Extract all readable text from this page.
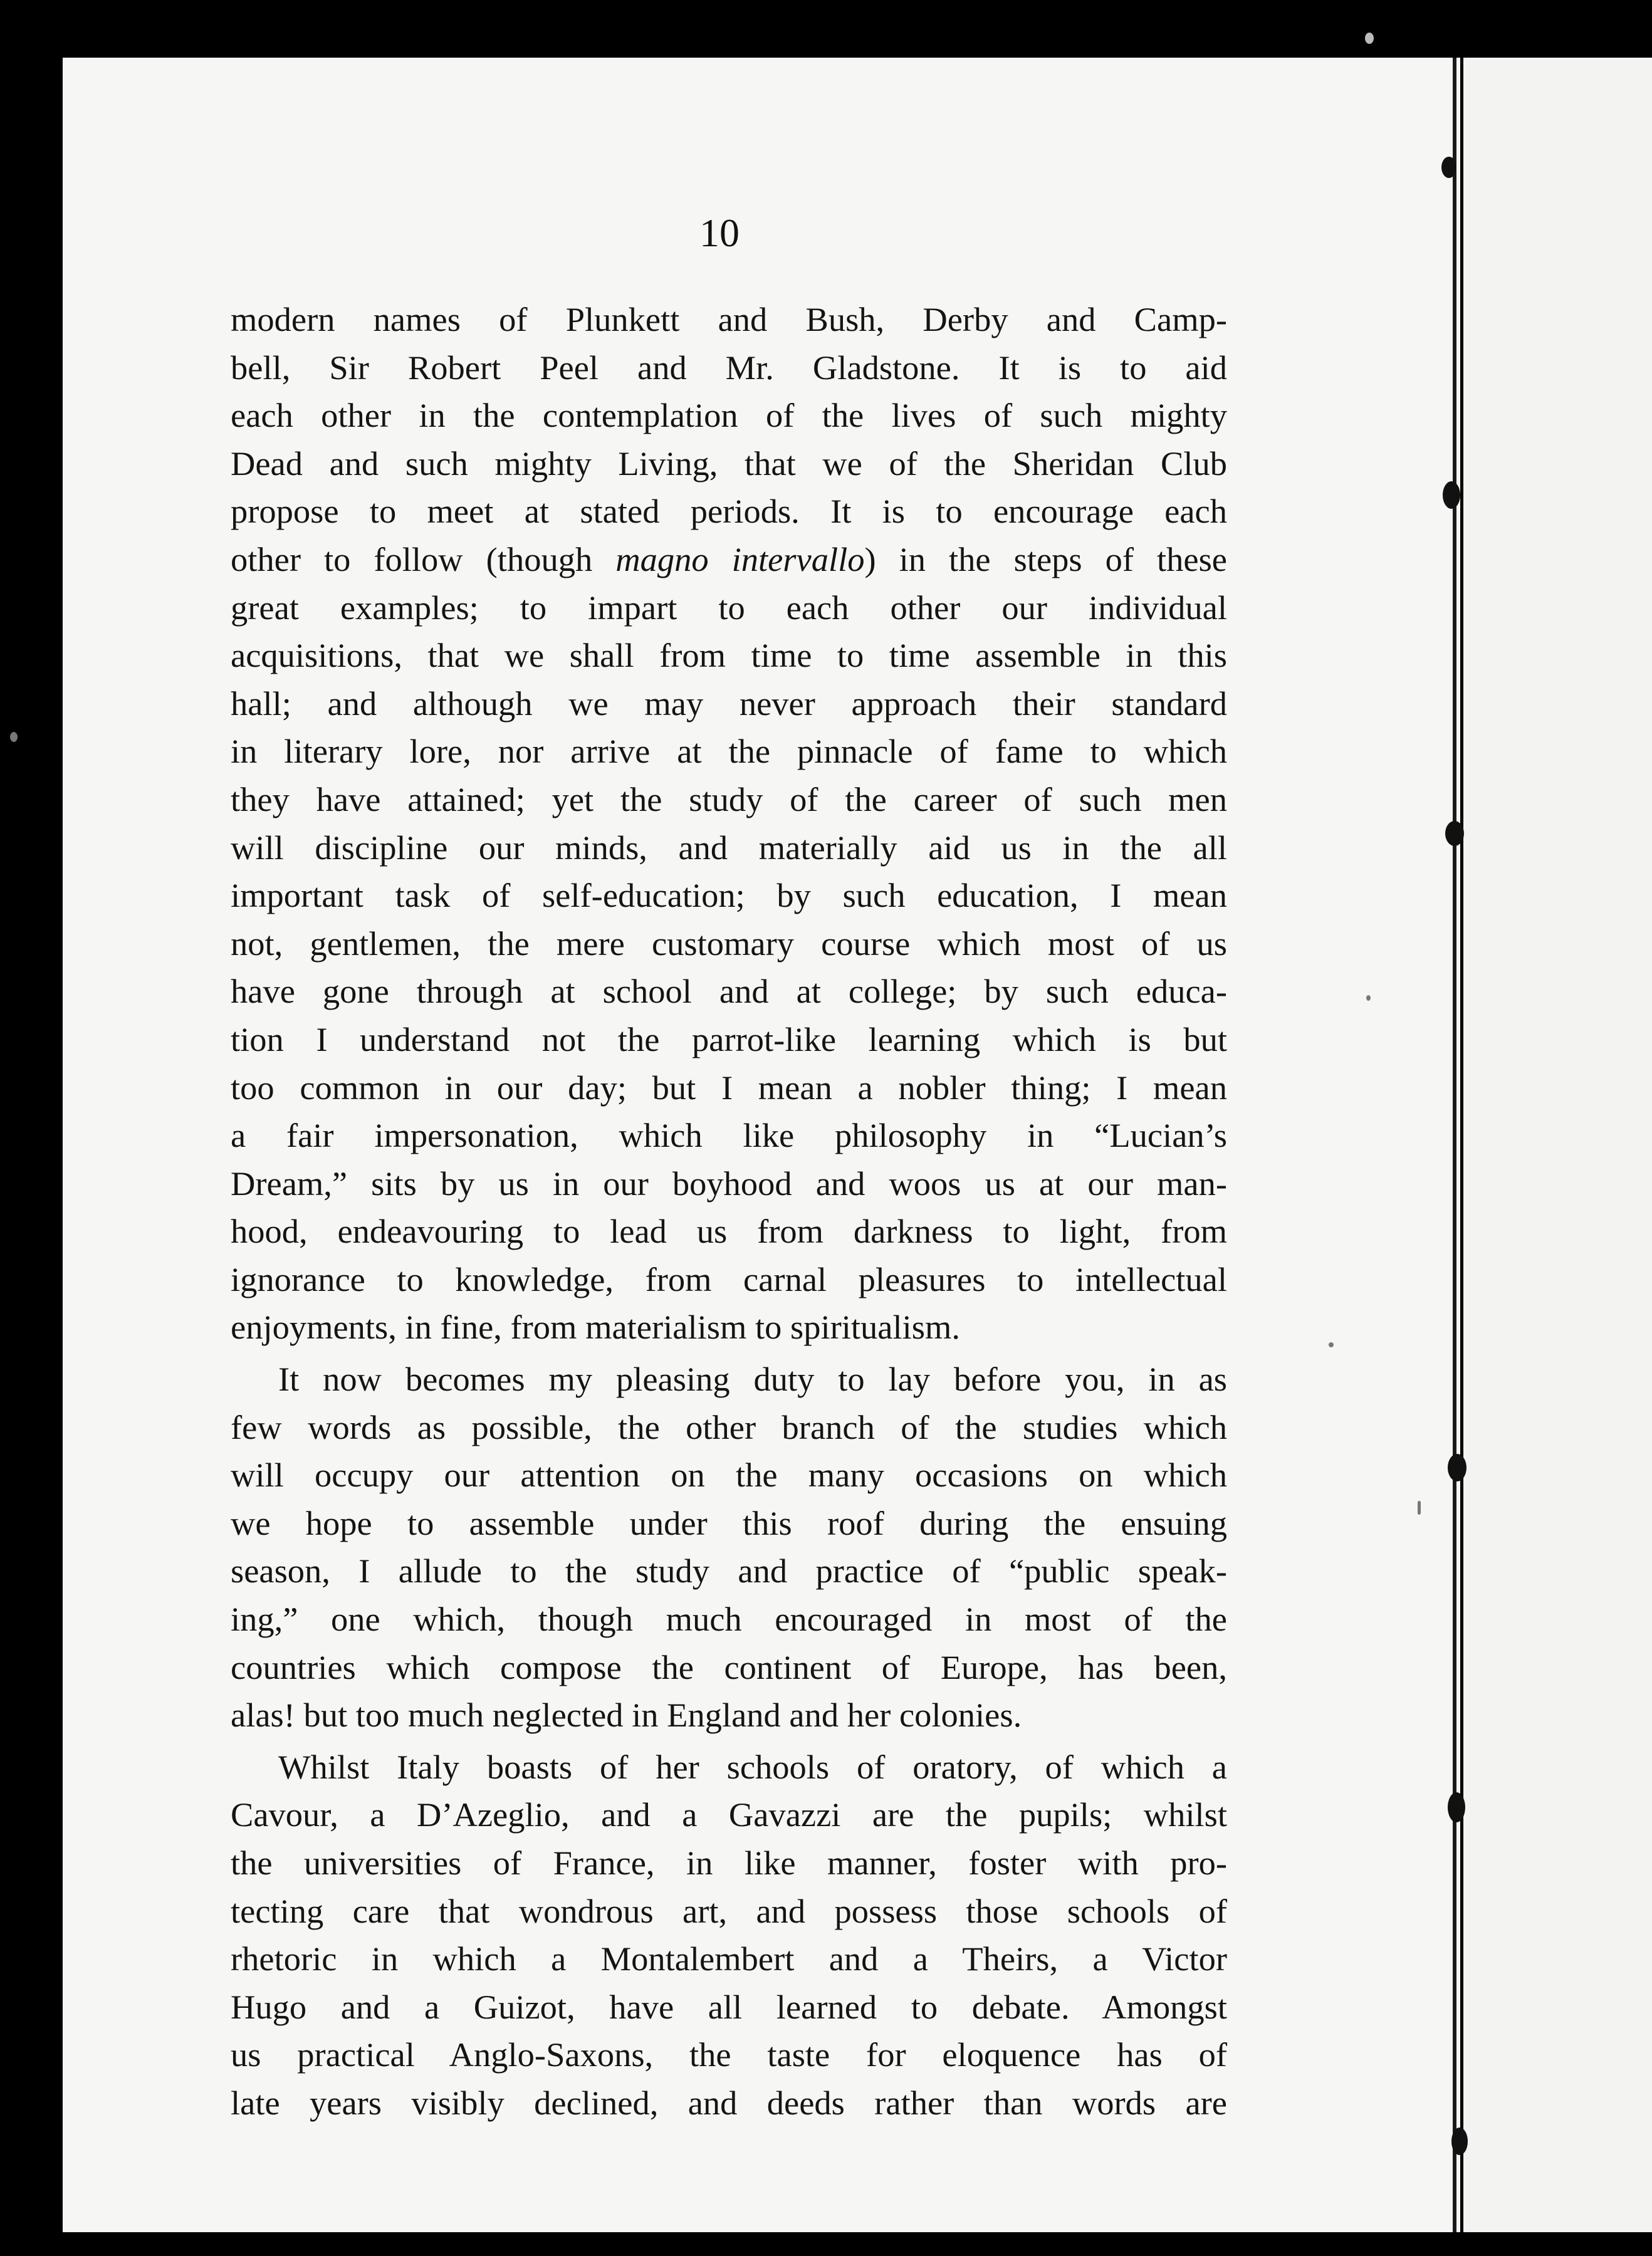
10
modern names of Plunkett and Bush, Derby and Camp-
bell, Sir Robert Peel and Mr. Gladstone. It is to aid
each other in the contemplation of the lives of such mighty
Dead and such mighty Living, that we of the Sheridan Club
propose to meet at stated periods. It is to encourage each
other to follow (though magno intervallo) in the steps of these
great examples; to impart to each other our individual
acquisitions, that we shall from time to time assemble in this
hall; and although we may never approach their standard
in literary lore, nor arrive at the pinnacle of fame to which
they have attained; yet the study of the career of such men
will discipline our minds, and materially aid us in the all
important task of self-education; by such education, I mean
not, gentlemen, the mere customary course which most of us
have gone through at school and at college; by such educa-
tion I understand not the parrot-like learning which is but
too common in our day; but I mean a nobler thing; I mean
a fair impersonation, which like philosophy in “Lucian’s
Dream,” sits by us in our boyhood and woos us at our man-
hood, endeavouring to lead us from darkness to light, from
ignorance to knowledge, from carnal pleasures to intellectual
enjoyments, in fine, from materialism to spiritualism.
It now becomes my pleasing duty to lay before you, in as
few words as possible, the other branch of the studies which
will occupy our attention on the many occasions on which
we hope to assemble under this roof during the ensuing
season, I allude to the study and practice of “public speak-
ing,” one which, though much encouraged in most of the
countries which compose the continent of Europe, has been,
alas! but too much neglected in England and her colonies.
Whilst Italy boasts of her schools of oratory, of which a
Cavour, a D’Azeglio, and a Gavazzi are the pupils; whilst
the universities of France, in like manner, foster with pro-
tecting care that wondrous art, and possess those schools of
rhetoric in which a Montalembert and a Theirs, a Victor
Hugo and a Guizot, have all learned to debate. Amongst
us practical Anglo-Saxons, the taste for eloquence has of
late years visibly declined, and deeds rather than words are
